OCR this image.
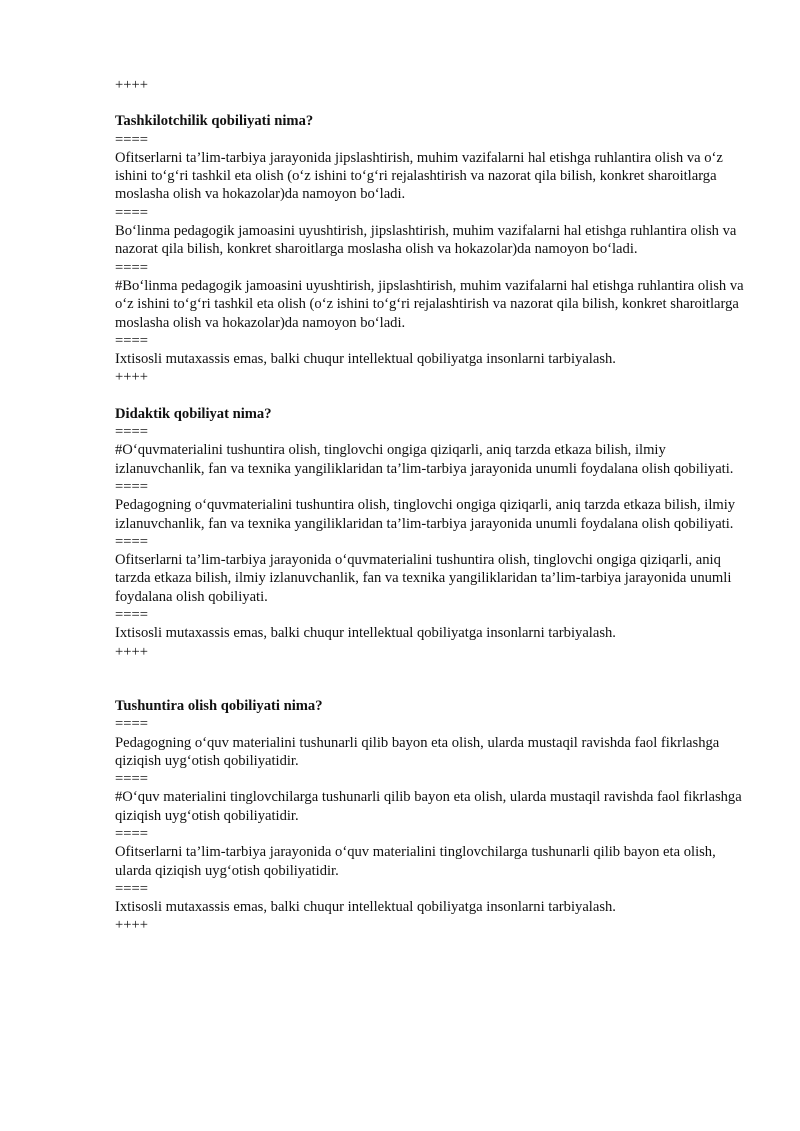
++++
Tashkilotchilik qobiliyati nima?
====
Ofitserlarni ta’lim-tarbiya jarayonida jipslashtirish, muhim vazifalarni hal etishga ruhlantira olish va o‘z ishini to‘g‘ri tashkil eta olish (o‘z ishini to‘g‘ri rejalashtirish va nazorat qila bilish, konkret sharoitlarga moslasha olish va hokazolar)da namoyon bo‘ladi.
====
Bo‘linma pedagogik jamoasini uyushtirish, jipslashtirish, muhim vazifalarni hal etishga ruhlantira olish va nazorat qila bilish, konkret sharoitlarga moslasha olish va hokazolar)da namoyon bo‘ladi.
====
#Bo‘linma pedagogik jamoasini uyushtirish, jipslashtirish, muhim vazifalarni hal etishga ruhlantira olish va o‘z ishini to‘g‘ri tashkil eta olish (o‘z ishini to‘g‘ri rejalashtirish va nazorat qila bilish, konkret sharoitlarga moslasha olish va hokazolar)da namoyon bo‘ladi.
====
Ixtisosli mutaxassis emas, balki chuqur intellektual qobiliyatga insonlarni tarbiyalash.
++++
Didaktik qobiliyat nima?
====
#O‘quvmaterialini tushuntira olish, tinglovchi ongiga qiziqarli, aniq tarzda etkaza bilish, ilmiy izlanuvchanlik, fan va texnika yangiliklaridan ta’lim-tarbiya jarayonida unumli foydalana olish qobiliyati.
====
Pedagogning o‘quvmaterialini tushuntira olish, tinglovchi ongiga qiziqarli, aniq tarzda etkaza bilish, ilmiy izlanuvchanlik, fan va texnika yangiliklaridan ta’lim-tarbiya jarayonida unumli foydalana olish qobiliyati.
====
Ofitserlarni ta’lim-tarbiya jarayonida o‘quvmaterialini tushuntira olish, tinglovchi ongiga qiziqarli, aniq tarzda etkaza bilish, ilmiy izlanuvchanlik, fan va texnika yangiliklaridan ta’lim-tarbiya jarayonida unumli foydalana olish qobiliyati.
====
Ixtisosli mutaxassis emas, balki chuqur intellektual qobiliyatga insonlarni tarbiyalash.
++++
Tushuntira olish qobiliyati nima?
====
Pedagogning o‘quv materialini tushunarli qilib bayon eta olish, ularda mustaqil ravishda faol fikrlashga qiziqish uyg‘otish qobiliyatidir.
====
#O‘quv materialini tinglovchilarga tushunarli qilib bayon eta olish, ularda mustaqil ravishda faol fikrlashga qiziqish uyg‘otish qobiliyatidir.
====
Ofitserlarni ta’lim-tarbiya jarayonida o‘quv materialini tinglovchilarga tushunarli qilib bayon eta olish, ularda qiziqish uyg‘otish qobiliyatidir.
====
Ixtisosli mutaxassis emas, balki chuqur intellektual qobiliyatga insonlarni tarbiyalash.
++++
